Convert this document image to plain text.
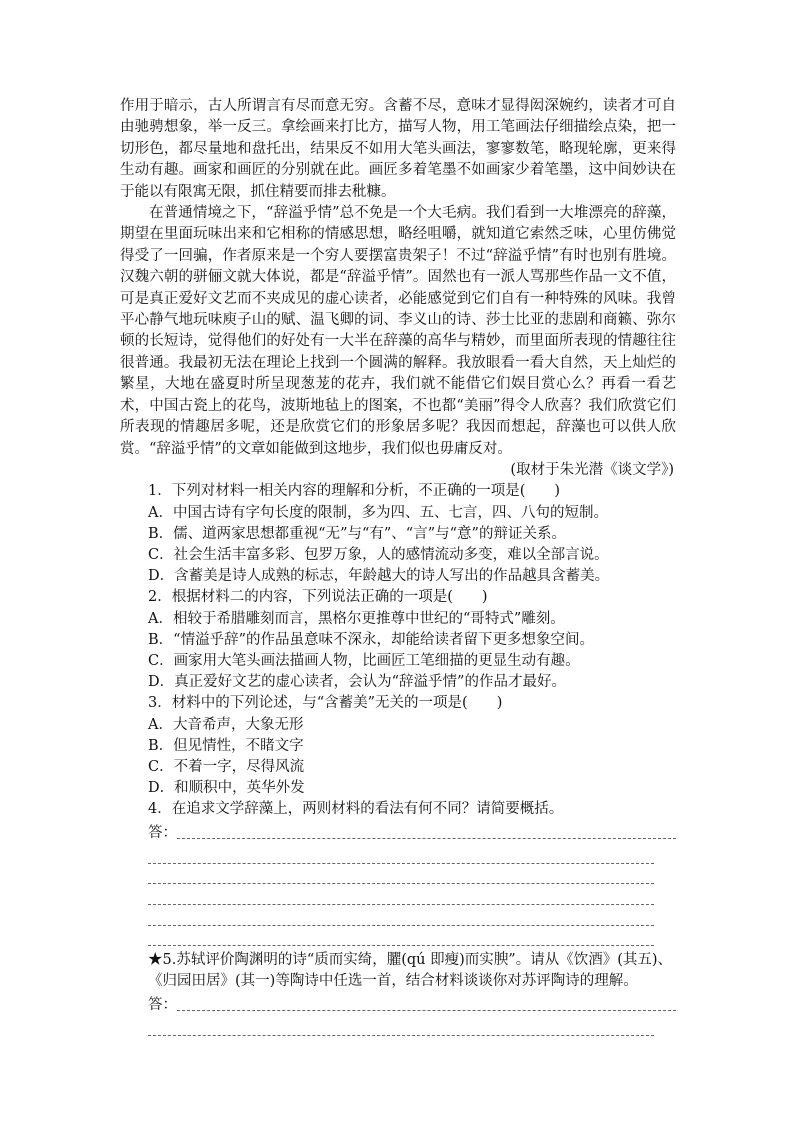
作用于暗示，古人所谓言有尽而意无穷。含蓄不尽，意味才显得闳深婉约，读者才可自由驰骋想象，举一反三。拿绘画来打比方，描写人物，用工笔画法仔细描绘点染，把一切形色，都尽量地和盘托出，结果反不如用大笔头画法，寥寥数笔，略现轮廓，更来得生动有趣。画家和画匠的分别就在此。画匠多着笔墨不如画家少着笔墨，这中间妙诀在于能以有限寓无限，抓住精要而排去秕糠。

在普通情境之下，“辞溢乎情”总不免是一个大毛病。我们看到一大堆漂亮的辞藻，期望在里面玩味出来和它相称的情感思想，略经咀嚼，就知道它索然乏味，心里仿佛觉得受了一回骗，作者原来是一个穷人要摆富贵架子！不过“辞溢乎情”有时也别有胜境。汉魏六朝的骈俪文就大体说，都是“辞溢乎情”。固然也有一派人骂那些作品一文不值，可是真正爱好文艺而不夹成见的虚心读者，必能感觉到它们自有一种特殊的风味。我曾平心静气地玩味庾子山的赋、温飞卿的词、李义山的诗、莎士比亚的悲剧和商籁、弥尔顿的长短诗，觉得他们的好处有一大半在辞藻的高华与精妙，而里面所表现的情趣往往很普通。我最初无法在理论上找到一个圆满的解释。我放眼看一看大自然，天上灿烂的繁星，大地在盛夏时所呈现葱茏的花卉，我们就不能借它们娱目赏心么？再看一看艺术，中国古瓷上的花鸟，波斯地毡上的图案，不也都“美丽”得令人欣喜？我们欣赏它们所表现的情趣居多呢，还是欣赏它们的形象居多呢？我因而想起，辞藻也可以供人欣赏。“辞溢乎情”的文章如能做到这地步，我们似也毋庸反对。

(取材于朱光潜《谈文学》)

1．下列对材料一相关内容的理解和分析，不正确的一项是(　　)

A．中国古诗有字句长度的限制，多为四、五、七言，四、八句的短制。

B．儒、道两家思想都重视“无”与“有”、“言”与“意”的辩证关系。

C．社会生活丰富多彩、包罗万象，人的感情流动多变，难以全部言说。

D．含蓄美是诗人成熟的标志，年龄越大的诗人写出的作品越具含蓄美。

2．根据材料二的内容，下列说法正确的一项是(　　)

A．相较于希腊雕刻而言，黑格尔更推尊中世纪的“哥特式”雕刻。

B．“情溢乎辞”的作品虽意味不深永，却能给读者留下更多想象空间。

C．画家用大笔头画法描画人物，比画匠工笔细描的更显生动有趣。

D．真正爱好文艺的虚心读者，会认为“辞溢乎情”的作品才最好。

3．材料中的下列论述，与“含蓄美”无关的一项是(　　)

A．大音希声，大象无形

B．但见情性，不睹文字

C．不着一字，尽得风流

D．和顺积中，英华外发

4．在追求文学辞藻上，两则材料的看法有何不同？请简要概括。

答：

★5.苏轼评价陶渊明的诗“质而实绮，臞(qú 即瘦)而实腴”。请从《饮酒》(其五)、《归园田居》(其一)等陶诗中任选一首，结合材料谈谈你对苏评陶诗的理解。

答：
